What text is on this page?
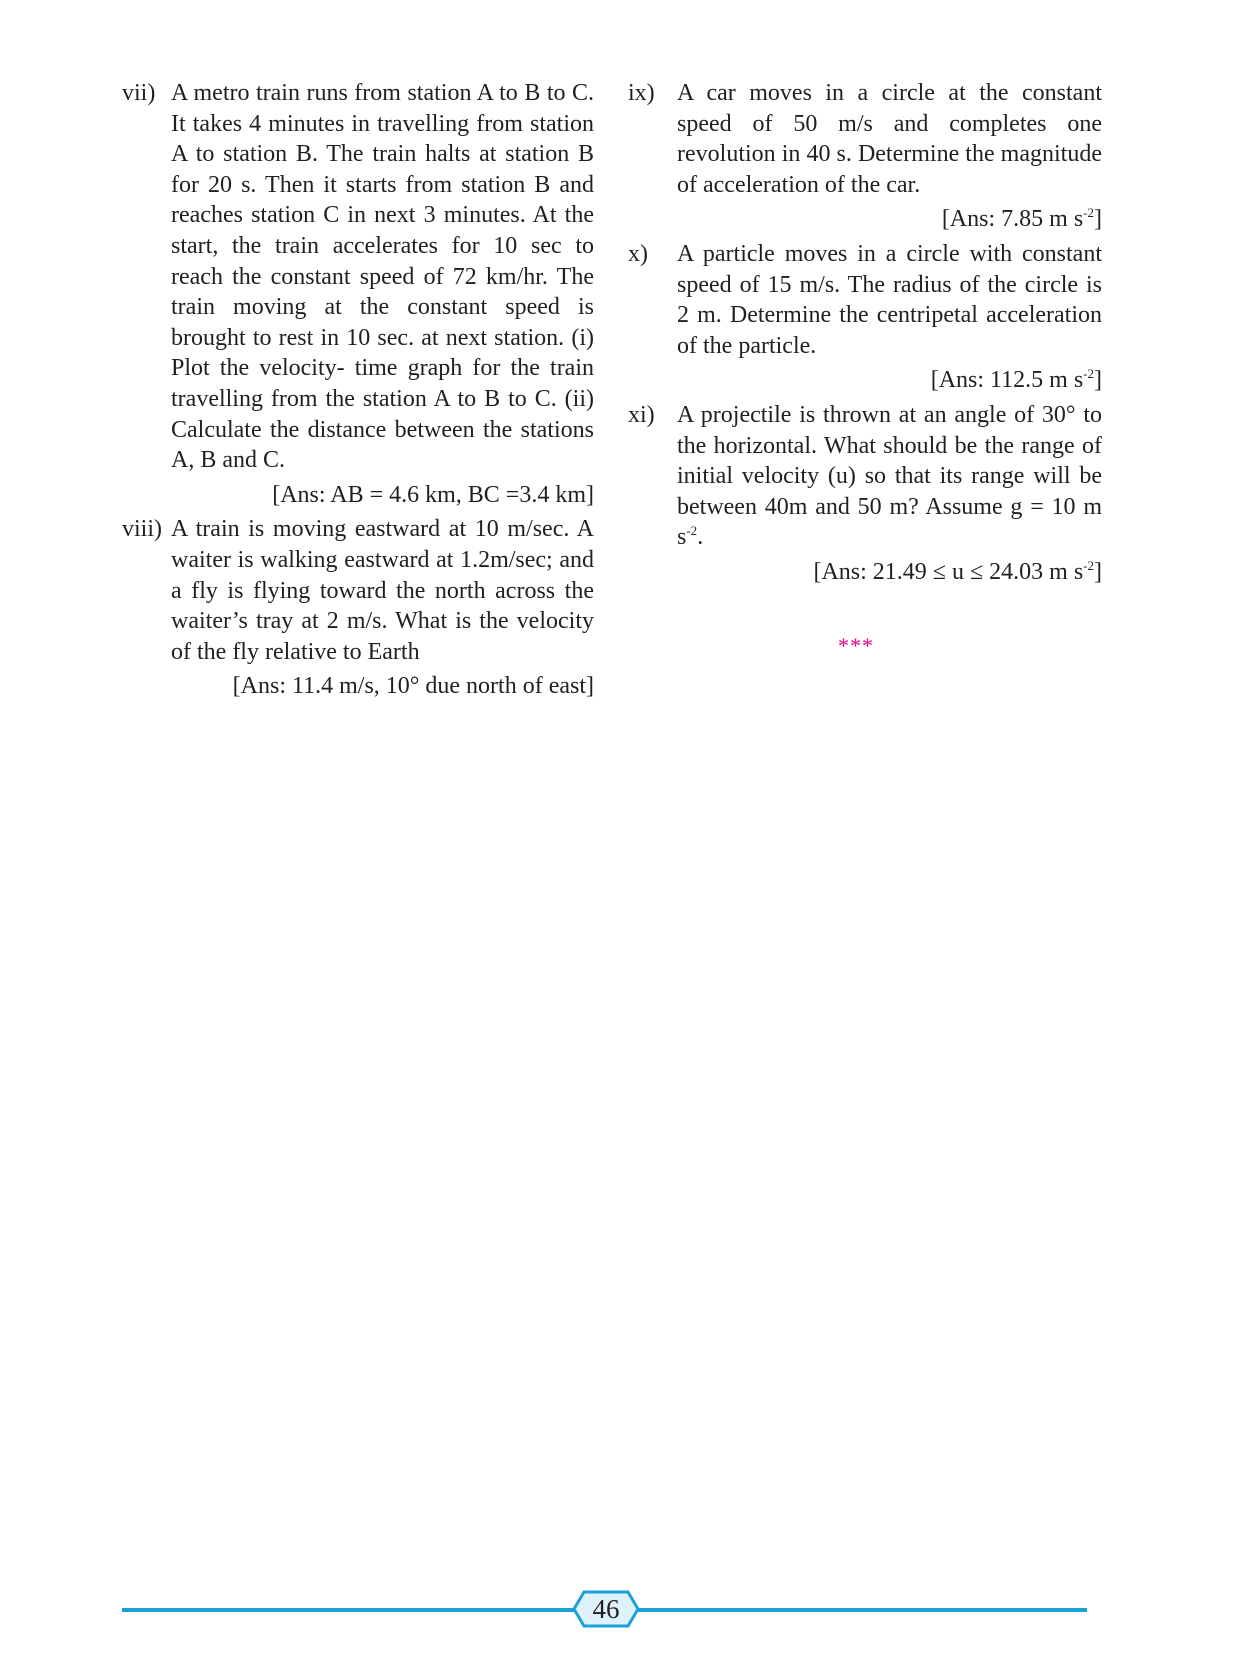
vii) A metro train runs from station A to B to C. It takes 4 minutes in travelling from station A to station B. The train halts at station B for 20 s. Then it starts from station B and reaches station C in next 3 minutes. At the start, the train accelerates for 10 sec to reach the constant speed of 72 km/hr. The train moving at the constant speed is brought to rest in 10 sec. at next station. (i) Plot the velocity- time graph for the train travelling from the station A to B to C. (ii) Calculate the distance between the stations A, B and C.
[Ans: AB = 4.6 km, BC =3.4 km]
viii) A train is moving eastward at 10 m/sec. A waiter is walking eastward at 1.2m/sec; and a fly is flying toward the north across the waiter’s tray at 2 m/s. What is the velocity of the fly relative to Earth
[Ans: 11.4 m/s, 10° due north of east]
ix) A car moves in a circle at the constant speed of 50 m/s and completes one revolution in 40 s. Determine the magnitude of acceleration of the car.
[Ans: 7.85 m $s^{-2}$]
x) A particle moves in a circle with constant speed of 15 m/s. The radius of the circle is 2 m. Determine the centripetal acceleration of the particle.
[Ans: 112.5 m $s^{-2}$]
xi) A projectile is thrown at an angle of 30° to the horizontal. What should be the range of initial velocity (u) so that its range will be between 40m and 50 m? Assume g = 10 m $s^{-2}$.
[Ans: 21.49 ≤ u ≤ 24.03 m $s^{-2}$]
***
46
